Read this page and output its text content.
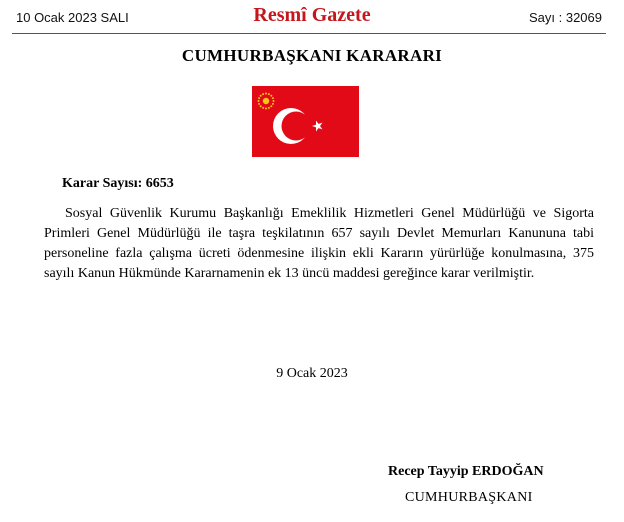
10 Ocak 2023 SALI	Resmî Gazete	Sayı : 32069
CUMHURBAŞKANI KARARARI
Karar Sayısı: 6653
Sosyal Güvenlik Kurumu Başkanlığı Emeklilik Hizmetleri Genel Müdürlüğü ve Sigorta Primleri Genel Müdürlüğü ile taşra teşkilatının 657 sayılı Devlet Memurları Kanununa tabi personeline fazla çalışma ücreti ödenmesine ilişkin ekli Kararın yürürlüğe konulmasına, 375 sayılı Kanun Hükmünde Kararnamenin ek 13 üncü maddesi gereğince karar verilmiştir.
9 Ocak 2023
Recep Tayyip ERDOĞAN
CUMHURBAŞKANI
